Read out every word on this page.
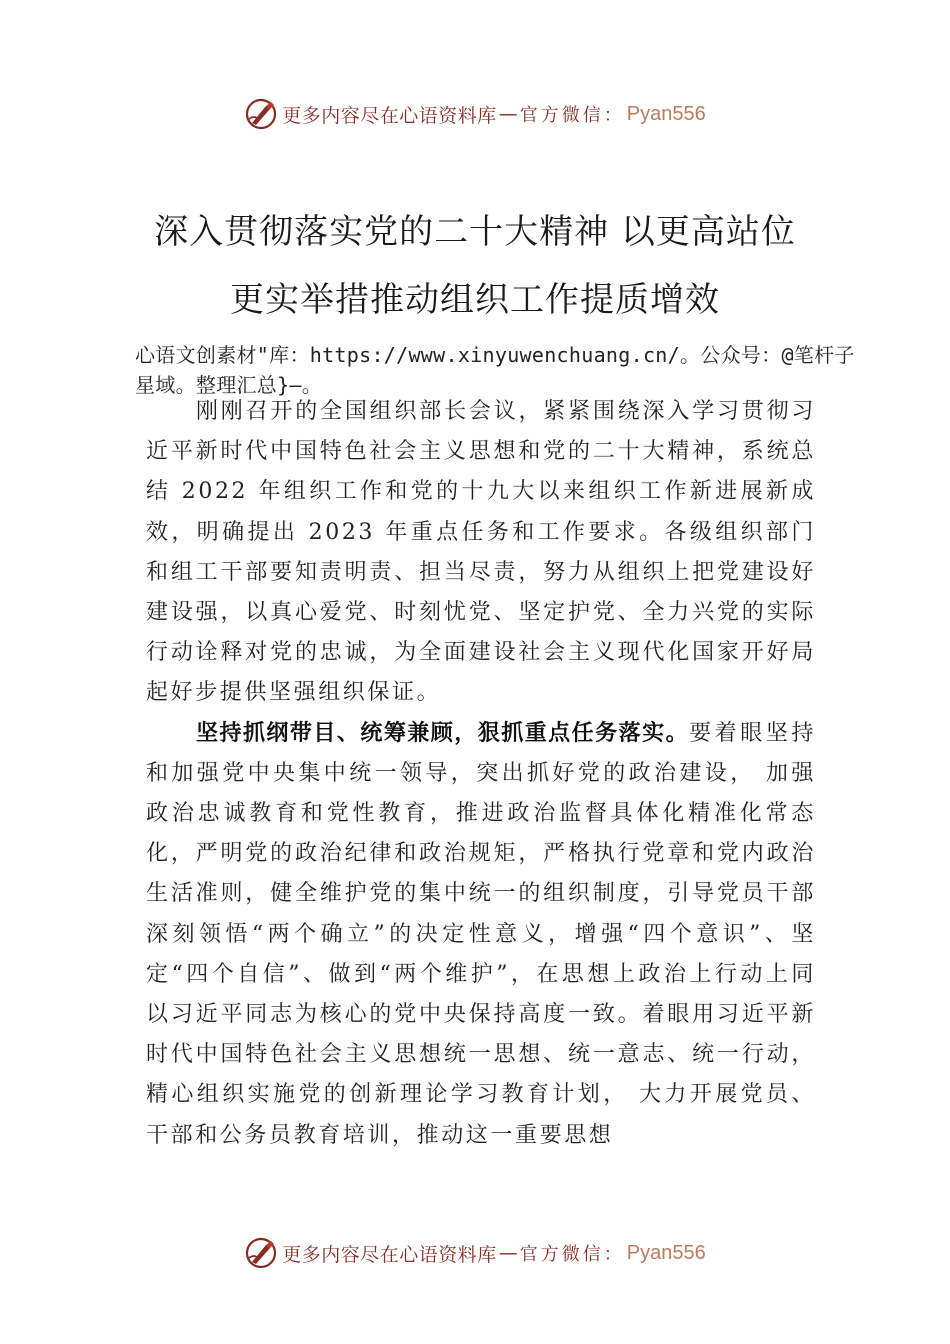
更多内容尽在心语资料库 — 官方微信： Pyan556
深入贯彻落实党的二十大精神 以更高站位
更实举措推动组织工作提质增效
心语文创素材"库：https://www.xinyuwenchuang.cn/。公众号：@笔杆子星域。整理汇总}—。

刚刚召开的全国组织部长会议，紧紧围绕深入学习贯彻习近平新时代中国特色社会主义思想和党的二十大精神，系统总结 2022 年组织工作和党的十九大以来组织工作新进展新成效，明确提出 2023 年重点任务和工作要求。各级组织部门和组工干部要知责明责、担当尽责，努力从组织上把党建设好建设强，以真心爱党、时刻忧党、坚定护党、全力兴党的实际行动诠释对党的忠诚，为全面建设社会主义现代化国家开好局起好步提供坚强组织保证。

坚持抓纲带目、统筹兼顾，狠抓重点任务落实。要着眼坚持和加强党中央集中统一领导，突出抓好党的政治建设， 加强政治忠诚教育和党性教育，推进政治监督具体化精准化常态化，严明党的政治纪律和政治规矩，严格执行党章和党内政治生活准则，健全维护党的集中统一的组织制度，引导党员干部深刻领悟“两个确立”的决定性意义，增强“四个意识”、坚定“四个自信”、做到“两个维护”，在思想上政治上行动上同以习近平同志为核心的党中央保持高度一致。着眼用习近平新时代中国特色社会主义思想统一思想、统一意志、统一行动，精心组织实施党的创新理论学习教育计划， 大力开展党员、干部和公务员教育培训，推动这一重要思想

更多内容尽在心语资料库 — 官方微信： Pyan556
